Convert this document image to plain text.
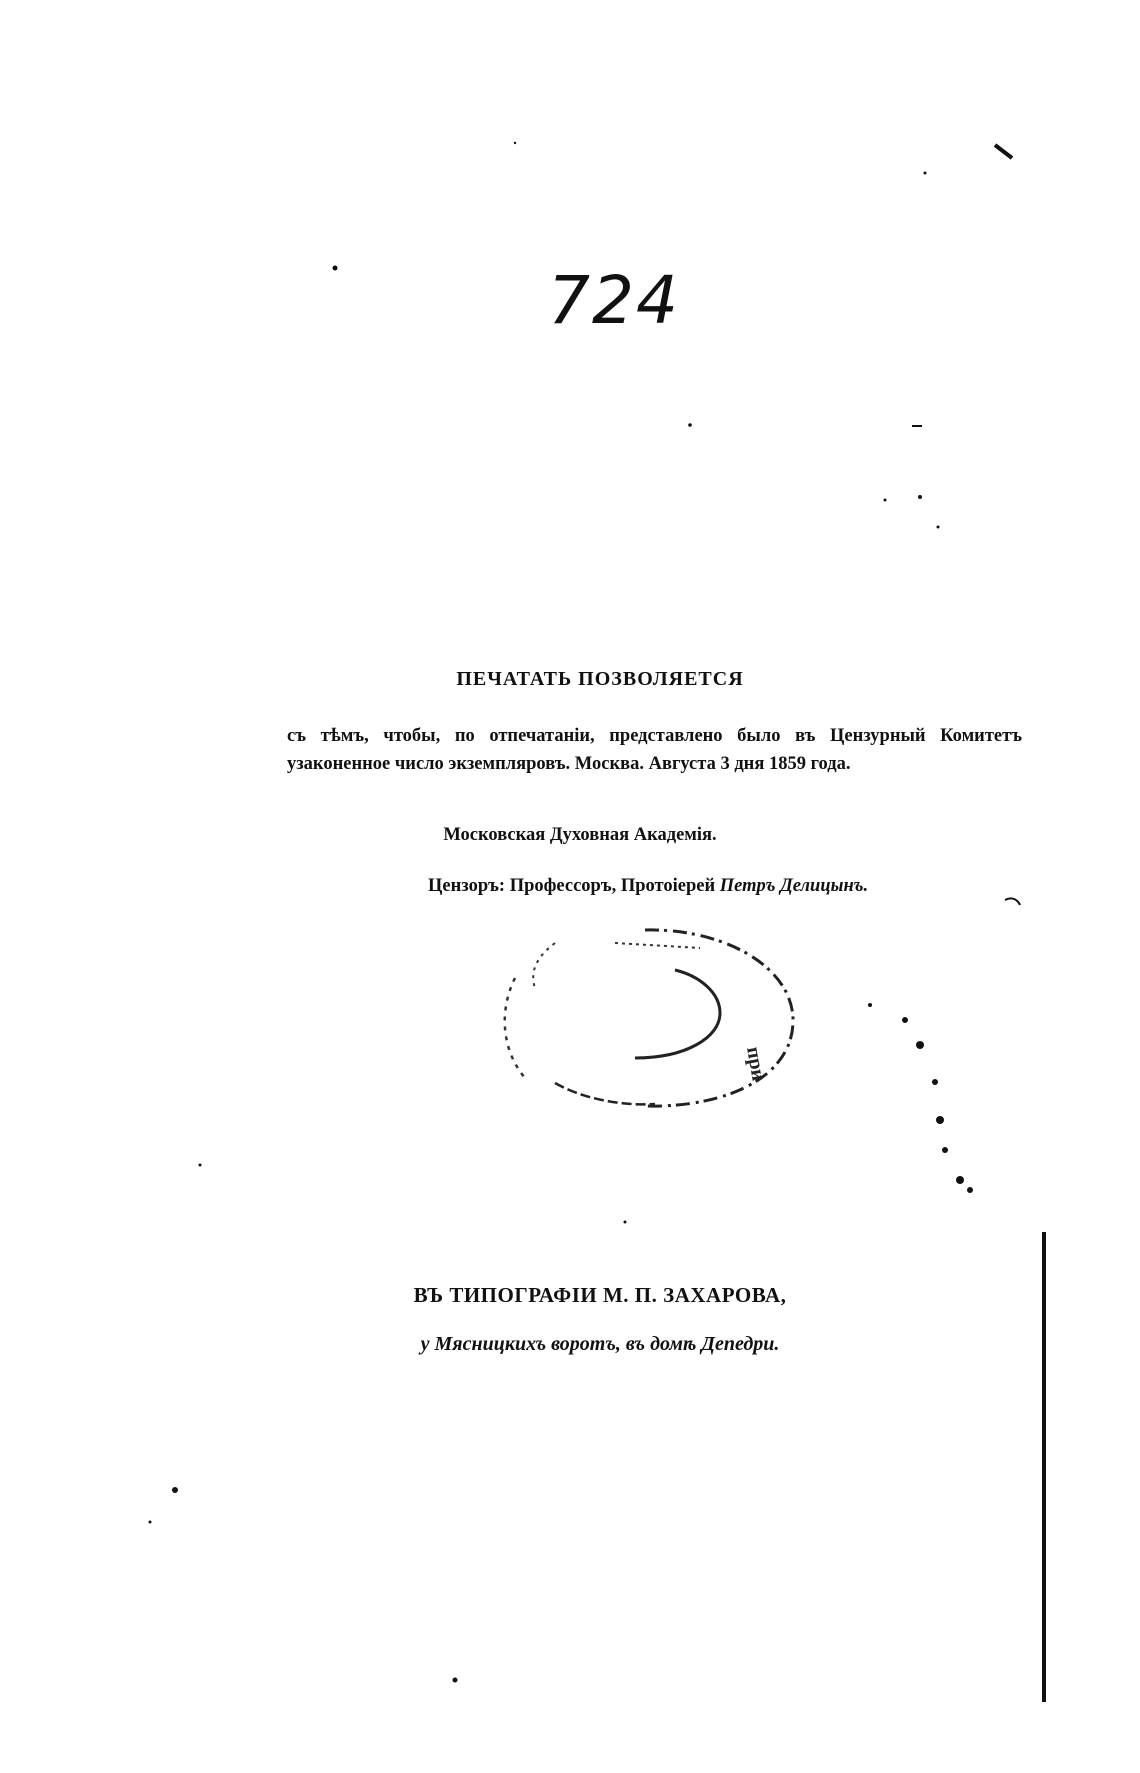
724
ПЕЧАТАТЬ ПОЗВОЛЯЕТСЯ
съ тѣмъ, чтобы, по отпечатаніи, представлено было въ Цензурный Комитетъ узаконенное число экземпляровъ. Москва. Августа 3 дня 1859 года.
Московская Духовная Академія.
Цензоръ: Профессоръ, Протоіерей Петръ Делицынъ.
при
ВЪ ТИПОГРАФІИ М. П. ЗАХАРОВА,
у Мясницкихъ воротъ, въ домѣ Депедри.
